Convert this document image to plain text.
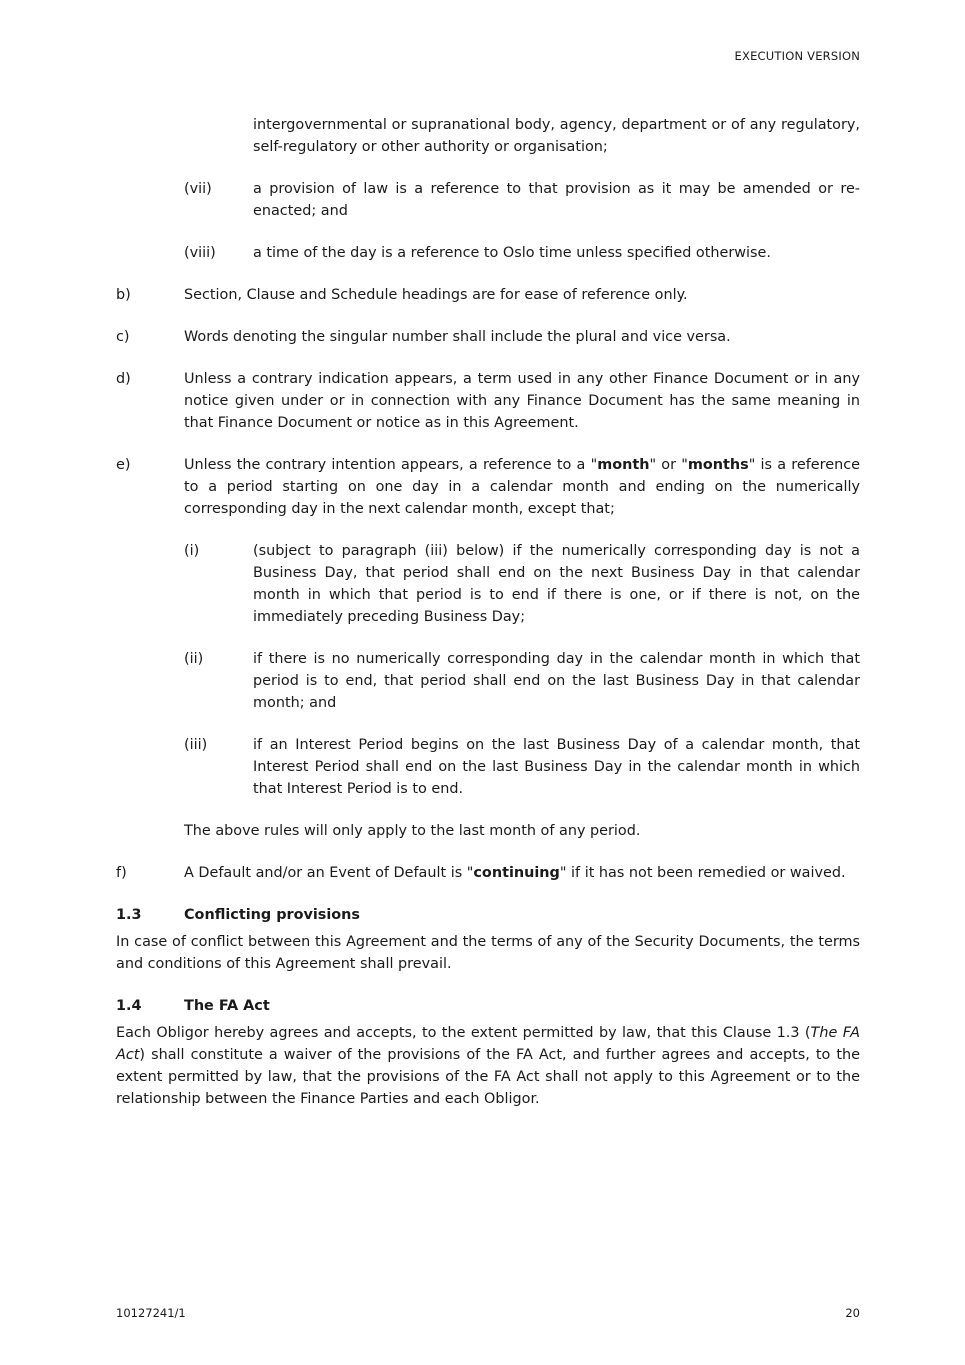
EXECUTION VERSION
intergovernmental or supranational body, agency, department or of any regulatory, self-regulatory or other authority or organisation;
(vii)	a provision of law is a reference to that provision as it may be amended or re-enacted; and
(viii)	a time of the day is a reference to Oslo time unless specified otherwise.
b)	Section, Clause and Schedule headings are for ease of reference only.
c)	Words denoting the singular number shall include the plural and vice versa.
d)	Unless a contrary indication appears, a term used in any other Finance Document or in any notice given under or in connection with any Finance Document has the same meaning in that Finance Document or notice as in this Agreement.
e)	Unless the contrary intention appears, a reference to a "month" or "months" is a reference to a period starting on one day in a calendar month and ending on the numerically corresponding day in the next calendar month, except that;
(i)	(subject to paragraph (iii) below) if the numerically corresponding day is not a Business Day, that period shall end on the next Business Day in that calendar month in which that period is to end if there is one, or if there is not, on the immediately preceding Business Day;
(ii)	if there is no numerically corresponding day in the calendar month in which that period is to end, that period shall end on the last Business Day in that calendar month; and
(iii)	if an Interest Period begins on the last Business Day of a calendar month, that Interest Period shall end on the last Business Day in the calendar month in which that Interest Period is to end.
The above rules will only apply to the last month of any period.
f)	A Default and/or an Event of Default is "continuing" if it has not been remedied or waived.
1.3	Conflicting provisions
In case of conflict between this Agreement and the terms of any of the Security Documents, the terms and conditions of this Agreement shall prevail.
1.4	The FA Act
Each Obligor hereby agrees and accepts, to the extent permitted by law, that this Clause 1.3 (The FA Act) shall constitute a waiver of the provisions of the FA Act, and further agrees and accepts, to the extent permitted by law, that the provisions of the FA Act shall not apply to this Agreement or to the relationship between the Finance Parties and each Obligor.
10127241/1	20
